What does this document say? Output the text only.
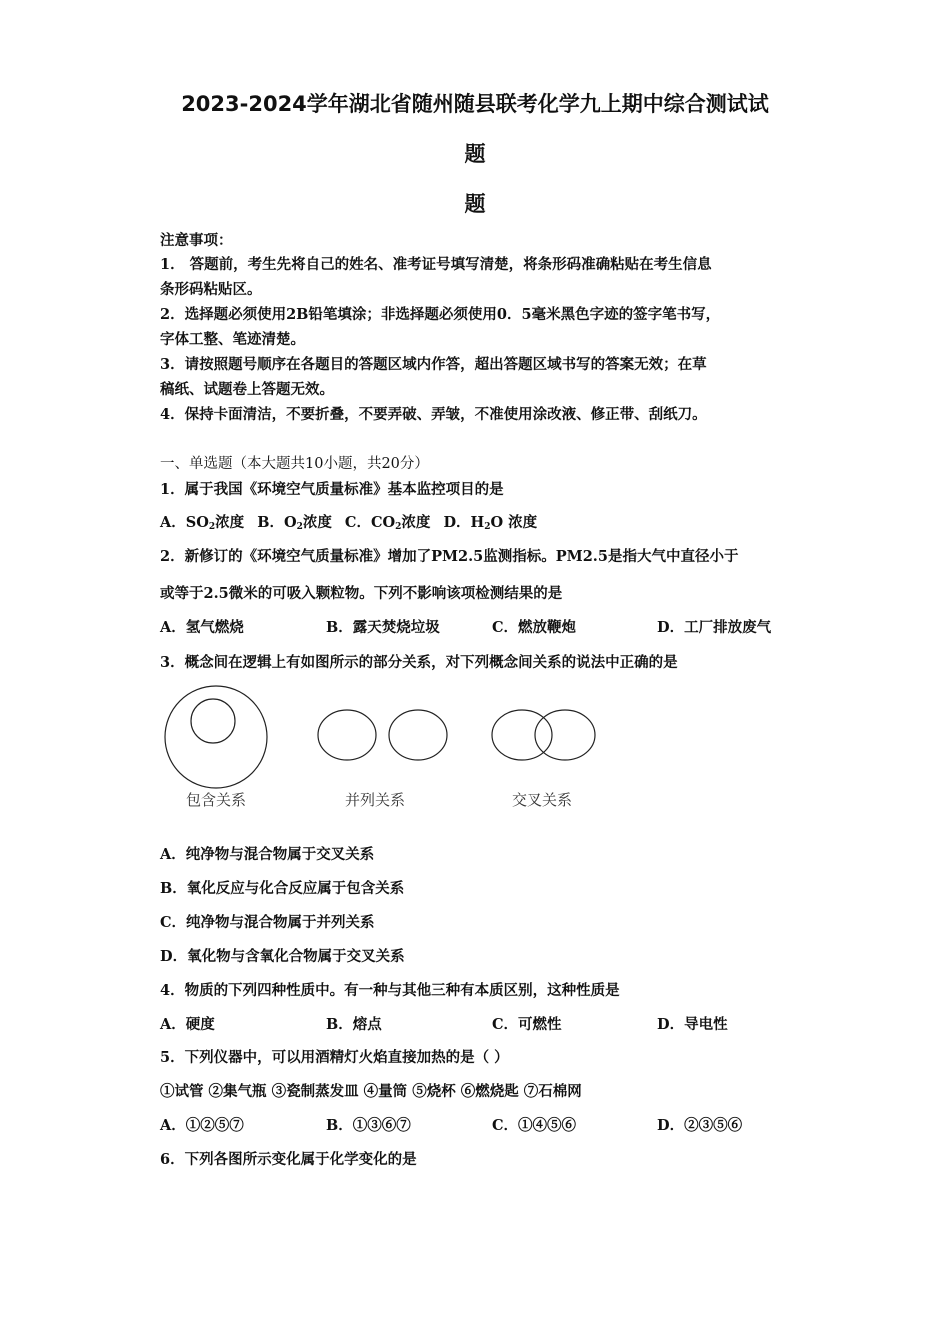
2023-2024学年湖北省随州随县联考化学九上期中综合测试试
题
题
注意事项：
1． 答题前，考生先将自己的姓名、准考证号填写清楚，将条形码准确粘贴在考生信息
条形码粘贴区。
2．选择题必须使用2B铅笔填涂；非选择题必须使用0．5毫米黑色字迹的签字笔书写，
字体工整、笔迹清楚。
3．请按照题号顺序在各题目的答题区域内作答，超出答题区域书写的答案无效；在草
稿纸、试题卷上答题无效。
4．保持卡面清洁，不要折叠，不要弄破、弄皱，不准使用涂改液、修正带、刮纸刀。
一、单选题（本大题共10小题，共20分）
1．属于我国《环境空气质量标准》基本监控项目的是
A．$SO_2$浓度 B．$O_2$浓度 C．$CO_2$浓度 D．$H_2O$ 浓度
2．新修订的《环境空气质量标准》增加了PM2.5监测指标。PM2.5是指大气中直径小于
或等于2.5微米的可吸入颗粒物。下列不影响该项检测结果的是
A．氢气燃烧	B．露天焚烧垃圾	C．燃放鞭炮	D．工厂排放废气
3．概念间在逻辑上有如图所示的部分关系，对下列概念间关系的说法中正确的是
包含关系	并列关系	交叉关系
A．纯净物与混合物属于交叉关系
B．氧化反应与化合反应属于包含关系
C．纯净物与混合物属于并列关系
D．氧化物与含氧化合物属于交叉关系
4．物质的下列四种性质中。有一种与其他三种有本质区别，这种性质是
A．硬度	B．熔点	C．可燃性	D．导电性
5．下列仪器中，可以用酒精灯火焰直接加热的是（ ）
①试管 ②集气瓶 ③瓷制蒸发皿 ④量筒 ⑤烧杯 ⑥燃烧匙 ⑦石棉网
A．①②⑤⑦	B．①③⑥⑦	C．①④⑤⑥	D．②③⑤⑥
6．下列各图所示变化属于化学变化的是
